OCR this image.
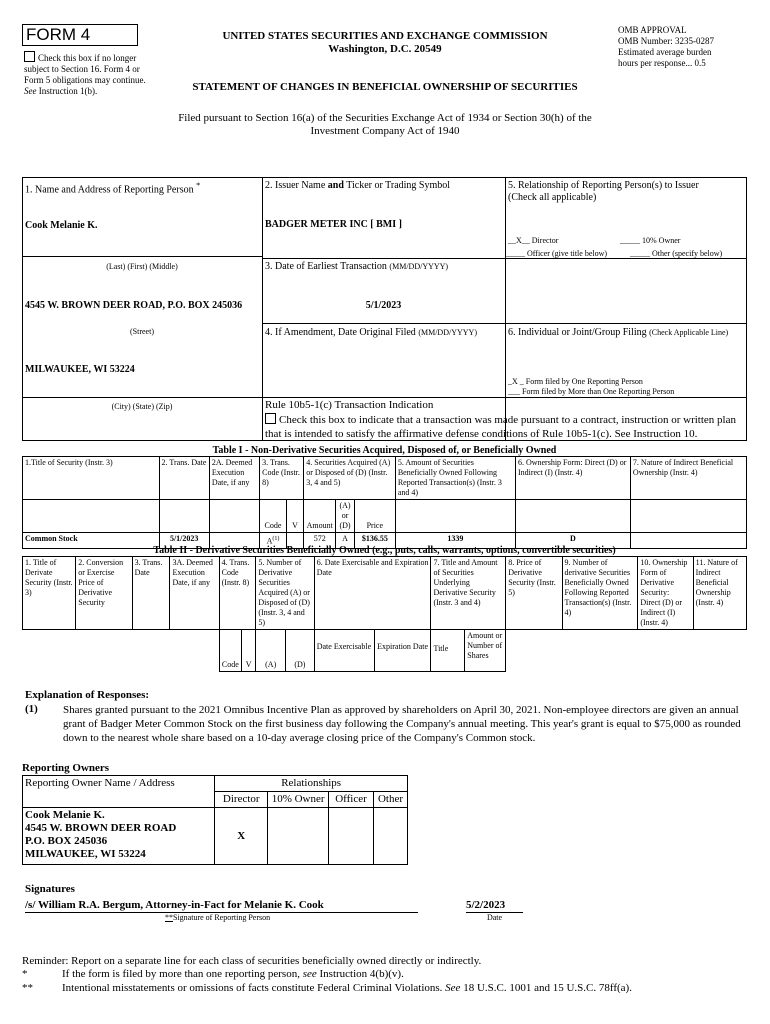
FORM 4
Check this box if no longer subject to Section 16. Form 4 or Form 5 obligations may continue. See Instruction 1(b).
UNITED STATES SECURITIES AND EXCHANGE COMMISSION
Washington, D.C. 20549
STATEMENT OF CHANGES IN BENEFICIAL OWNERSHIP OF SECURITIES
OMB APPROVAL
OMB Number: 3235-0287
Estimated average burden
hours per response... 0.5
Filed pursuant to Section 16(a) of the Securities Exchange Act of 1934 or Section 30(h) of the
Investment Company Act of 1940
1. Name and Address of Reporting Person *
Cook Melanie K.
(Last) (First) (Middle)
4545 W. BROWN DEER ROAD, P.O. BOX 245036
(Street)
MILWAUKEE, WI 53224
(City) (State) (Zip)
2. Issuer Name and Ticker or Trading Symbol
BADGER METER INC [ BMI ]
3. Date of Earliest Transaction (MM/DD/YYYY)
5/1/2023
4. If Amendment, Date Original Filed (MM/DD/YYYY)
5. Relationship of Reporting Person(s) to Issuer
(Check all applicable)
__X__ Director	_____ 10% Owner
_____ Officer (give title below)	_____ Other (specify below)
6. Individual or Joint/Group Filing (Check Applicable Line)
_X _ Form filed by One Reporting Person
___ Form filed by More than One Reporting Person
Rule 10b5-1(c) Transaction Indication
Check this box to indicate that a transaction was made pursuant to a contract, instruction or written plan that is intended to satisfy the affirmative defense conditions of Rule 10b5-1(c). See Instruction 10.
Table I - Non-Derivative Securities Acquired, Disposed of, or Beneficially Owned
1.Title of Security (Instr. 3)	2. Trans. Date	2A. Deemed Execution Date, if any	3. Trans. Code (Instr. 8)		4. Securities Acquired (A) or Disposed of (D) (Instr. 3, 4 and 5)			5. Amount of Securities Beneficially Owned Following Reported Transaction(s) (Instr. 3 and 4)	6. Ownership Form: Direct (D) or Indirect (I) (Instr. 4)	7. Nature of Indirect Beneficial Ownership (Instr. 4)
			Code	V	Amount	(A) or (D)	Price			
Common Stock	5/1/2023		$A^{(1)}$		572	A	$136.55	1339	D	
Table II - Derivative Securities Beneficially Owned (e.g., puts, calls, warrants, options, convertible securities)
1. Title of Derivate Security (Instr. 3)	2. Conversion or Exercise Price of Derivative Security	3. Trans. Date	3A. Deemed Execution Date, if any	4. Trans. Code (Instr. 8)		5. Number of Derivative Securities Acquired (A) or Disposed of (D) (Instr. 3, 4 and 5)		6. Date Exercisable and Expiration Date		7. Title and Amount of Securities Underlying Derivative Security (Instr. 3 and 4)		8. Price of Derivative Security (Instr. 5)	9. Number of derivative Securities Beneficially Owned Following Reported Transaction(s) (Instr. 4)	10. Ownership Form of Derivative Security: Direct (D) or Indirect (I) (Instr. 4)	11. Nature of Indirect Beneficial Ownership (Instr. 4)
				Code	V	(A)	(D)	Date Exercisable	Expiration Date	Title	Amount or Number of Shares				
Explanation of Responses:
(1) Shares granted pursuant to the 2021 Omnibus Incentive Plan as approved by shareholders on April 30, 2021. Non-employee directors are given an annual grant of Badger Meter Common Stock on the first business day following the Company's annual meeting. This year's grant is equal to $75,000 as rounded down to the nearest whole share based on a 10-day average closing price of the Company's Common stock.
Reporting Owners
Reporting Owner Name / Address	Relationships			
	Director	10% Owner	Officer	Other

Cook Melanie K.
4545 W. BROWN DEER ROAD
P.O. BOX 245036
MILWAUKEE, WI 53224	X			
Signatures
/s/ William R.A. Bergum, Attorney-in-Fact for Melanie K. Cook
**Signature of Reporting Person
5/2/2023
Date
Reminder: Report on a separate line for each class of securities beneficially owned directly or indirectly.
*	If the form is filed by more than one reporting person, see Instruction 4(b)(v).
**	Intentional misstatements or omissions of facts constitute Federal Criminal Violations. See 18 U.S.C. 1001 and 15 U.S.C. 78ff(a).
